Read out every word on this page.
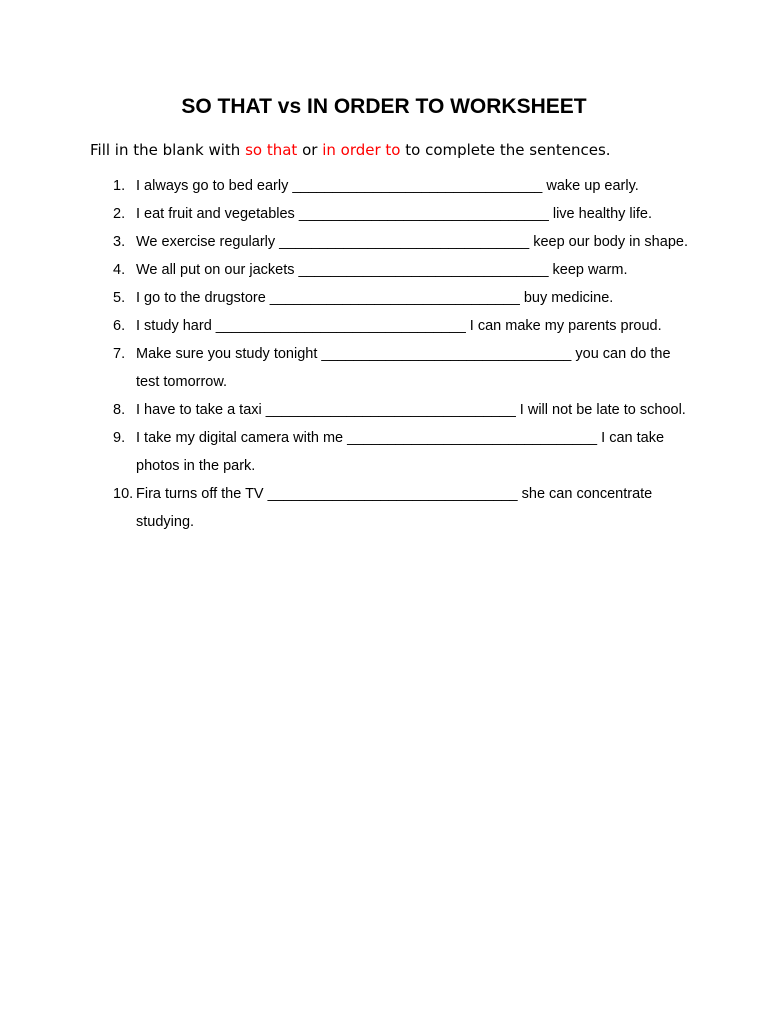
SO THAT vs IN ORDER TO WORKSHEET

Fill in the blank with so that or in order to to complete the sentences.

1. I always go to bed early _______________________________ wake up early.
2. I eat fruit and vegetables _______________________________ live healthy life.
3. We exercise regularly _______________________________ keep our body in shape.
4. We all put on our jackets _______________________________ keep warm.
5. I go to the drugstore _______________________________ buy medicine.
6. I study hard _______________________________ I can make my parents proud.
7. Make sure you study tonight _______________________________ you can do the test tomorrow.
8. I have to take a taxi _______________________________ I will not be late to school.
9. I take my digital camera with me _______________________________ I can take photos in the park.
10. Fira turns off the TV _______________________________ she can concentrate studying.
